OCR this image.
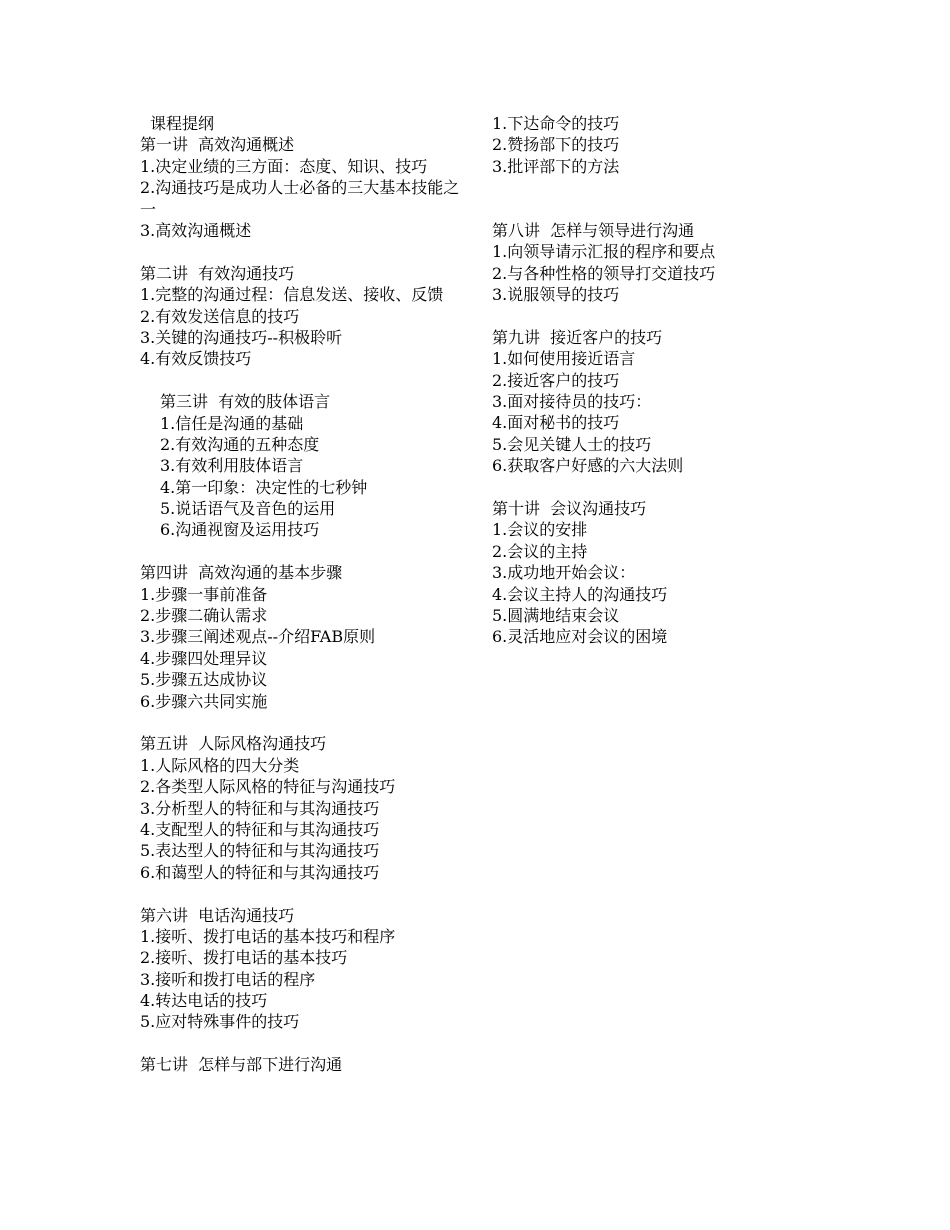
课程提纲
第一讲  高效沟通概述
1.决定业绩的三方面：态度、知识、技巧
2.沟通技巧是成功人士必备的三大基本技能之一
3.高效沟通概述
第二讲  有效沟通技巧
1.完整的沟通过程：信息发送、接收、反馈
2.有效发送信息的技巧
3.关键的沟通技巧--积极聆听
4.有效反馈技巧
第三讲  有效的肢体语言
1.信任是沟通的基础
2.有效沟通的五种态度
3.有效利用肢体语言
4.第一印象：决定性的七秒钟
5.说话语气及音色的运用
6.沟通视窗及运用技巧
第四讲  高效沟通的基本步骤
1.步骤一事前准备
2.步骤二确认需求
3.步骤三阐述观点--介绍FAB原则
4.步骤四处理异议
5.步骤五达成协议
6.步骤六共同实施
第五讲  人际风格沟通技巧
1.人际风格的四大分类
2.各类型人际风格的特征与沟通技巧
3.分析型人的特征和与其沟通技巧
4.支配型人的特征和与其沟通技巧
5.表达型人的特征和与其沟通技巧
6.和蔼型人的特征和与其沟通技巧
第六讲  电话沟通技巧
1.接听、拨打电话的基本技巧和程序
2.接听、拨打电话的基本技巧
3.接听和拨打电话的程序
4.转达电话的技巧
5.应对特殊事件的技巧
第七讲  怎样与部下进行沟通
1.下达命令的技巧
2.赞扬部下的技巧
3.批评部下的方法
第八讲  怎样与领导进行沟通
1.向领导请示汇报的程序和要点
2.与各种性格的领导打交道技巧
3.说服领导的技巧
第九讲  接近客户的技巧
1.如何使用接近语言
2.接近客户的技巧
3.面对接待员的技巧：
4.面对秘书的技巧
5.会见关键人士的技巧
6.获取客户好感的六大法则
第十讲  会议沟通技巧
1.会议的安排
2.会议的主持
3.成功地开始会议：
4.会议主持人的沟通技巧
5.圆满地结束会议
6.灵活地应对会议的困境
